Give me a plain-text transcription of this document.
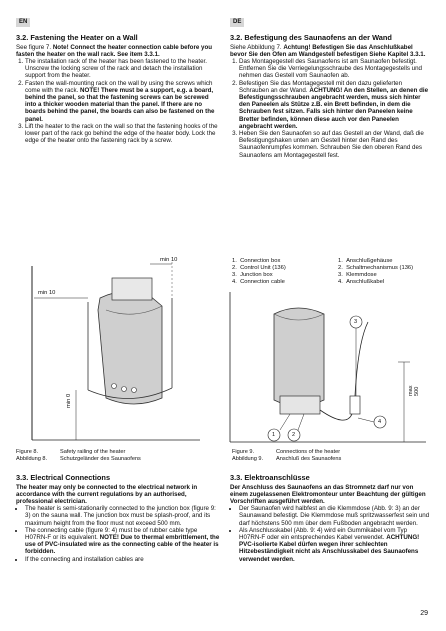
EN	DE
3.2. Fastening the Heater on a Wall

See figure 7. Note! Connect the heater connection cable before you fasten the heater on the wall rack. See item 3.3.1.

1. The installation rack of the heater has been fastened to the heater. Unscrew the locking screw of the rack and detach the installation support from the heater.
2. Fasten the wall-mounting rack on the wall by using the screws which come with the rack. NOTE! There must be a support, e.g. a board, behind the panel, so that the fastening screws can be screwed into a thicker wooden material than the panel. If there are no boards behind the panel, the boards can also be fastened on the panel.
3. Lift the heater to the rack on the wall so that the fastening hooks of the lower part of the rack go behind the edge of the heater body. Lock the edge of the heater onto the fastening rack by a screw.
3.2. Befestigung des Saunaofens an der Wand

Siehe Abbildung 7. Achtung! Befestigen Sie das Anschlußkabel bevor Sie den Ofen am Wandgestell befestigen Siehe Kapitel 3.3.1.

1. Das Montagegestell des Saunaofens ist am Saunaofen befestigt. Entfernen Sie die Verriegelungsschraube des Montagegestells und nehmen das Gestell vom Saunaofen ab.
2. Befestigen Sie das Montagegestell mit den dazu gelieferten Schrauben an der Wand. ACHTUNG! An den Stellen, an denen die Befestigungsschrauben angebracht werden, muss sich hinter den Paneelen als Stütze z.B. ein Brett befinden, in dem die Schrauben fest sitzen. Falls sich hinter den Paneelen keine Bretter befinden, können diese auch vor den Paneelen angebracht werden.
3. Heben Sie den Saunaofen so auf das Gestell an der Wand, daß die Befestigungshaken unten am Gestell hinter den Rand des Saunaofenrumpfes kommen. Schrauben Sie den oberen Rand des Saunaofens am Montagegestell fest.
min 10
min 10
min 0
Figure 8.	Safety railing of the heater
Abbildung 8. Schutzgeländer des Saunaofens
1.  Connection box
2.  Control Unit (136)
3.  Junction box
4.  Connection cable
1.  Anschlußgehäuse
2.  Schaltmechanismus (136)
3.  Klemmdose
4.  Anschlußkabel
1	2
3
4
max 500
Figure 9.	Connections of the heater
Abbildung 9. Anschluß des Saunaofens
3.3. Electrical Connections

The heater may only be connected to the electrical network in accordance with the current regulations by an authorised, professional electrician.

• The heater is semi-stationarily connected to the junction box (figure 9: 3) on the sauna wall. The junction box must be splash-proof, and its maximum height from the floor must not exceed 500 mm.
• The connecting cable (figure 9: 4) must be of rubber cable type H07RN-F or its equivalent. NOTE! Due to thermal embrittlement, the use of PVC-insulated wire as the connecting cable of the heater is forbidden.
• If the connecting and installation cables are
3.3. Elektroanschlüsse

Der Anschluss des Saunaofens an das Stromnetz darf nur von einem zugelassenen Elektromonteur unter Beachtung der gültigen Vorschriften ausgeführt werden.

• Der Saunaofen wird halbfest an die Klemmdose (Abb. 9: 3) an der Saunawand befestigt. Die Klemmdose muß spritzwasserfest sein und darf höchstens 500 mm über dem Fußboden angebracht werden.
• Als Anschlusskabel (Abb. 9: 4) wird ein Gummikabel vom Typ H07RN-F oder ein entsprechendes Kabel verwendet. ACHTUNG! PVC-isolierte Kabel dürfen wegen ihrer schlechten Hitzebeständigkeit nicht als Anschlusskabel des Saunaofens verwendet werden.
29
